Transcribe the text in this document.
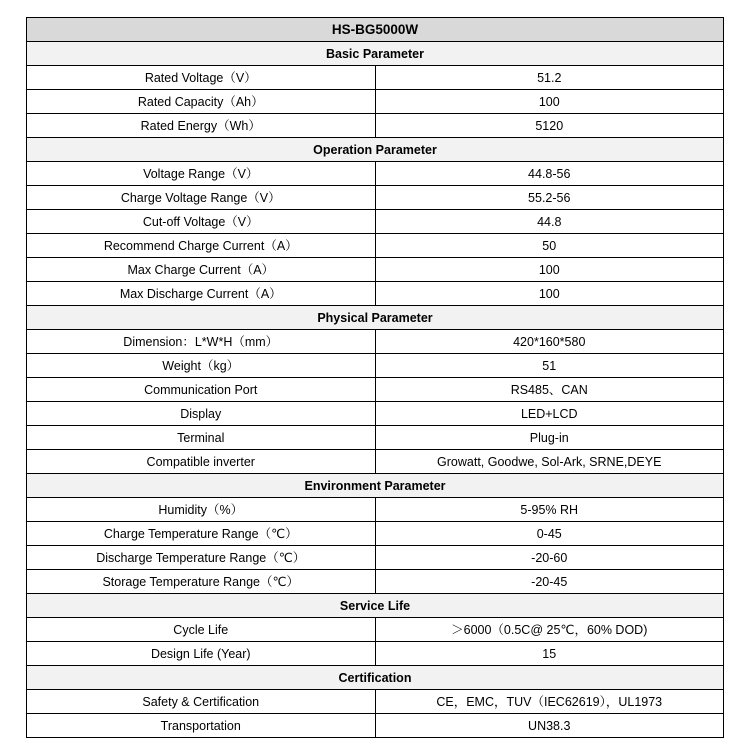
HS-BG5000W	
Basic Parameter	
Rated Voltage（V）	51.2
Rated Capacity（Ah）	100
Rated Energy（Wh）	5120
Operation Parameter	
Voltage Range（V）	44.8-56
Charge Voltage Range（V）	55.2-56
Cut-off Voltage（V）	44.8
Recommend Charge Current（A）	50
Max Charge Current（A）	100
Max Discharge Current（A）	100
Physical Parameter	
Dimension：L*W*H（mm）	420*160*580
Weight（kg）	51
Communication Port	RS485、CAN
Display	LED+LCD
Terminal	Plug-in
Compatible inverter	Growatt, Goodwe, Sol-Ark, SRNE,DEYE
Environment Parameter	
Humidity（%）	5-95% RH
Charge Temperature Range（℃）	0-45
Discharge Temperature Range（℃）	-20-60
Storage Temperature Range（℃）	-20-45
Service Life	
Cycle Life	＞6000（0.5C@ 25℃，60% DOD)
Design Life (Year)	15
Certification	
Safety & Certification	CE，EMC，TUV（IEC62619），UL1973
Transportation	UN38.3
